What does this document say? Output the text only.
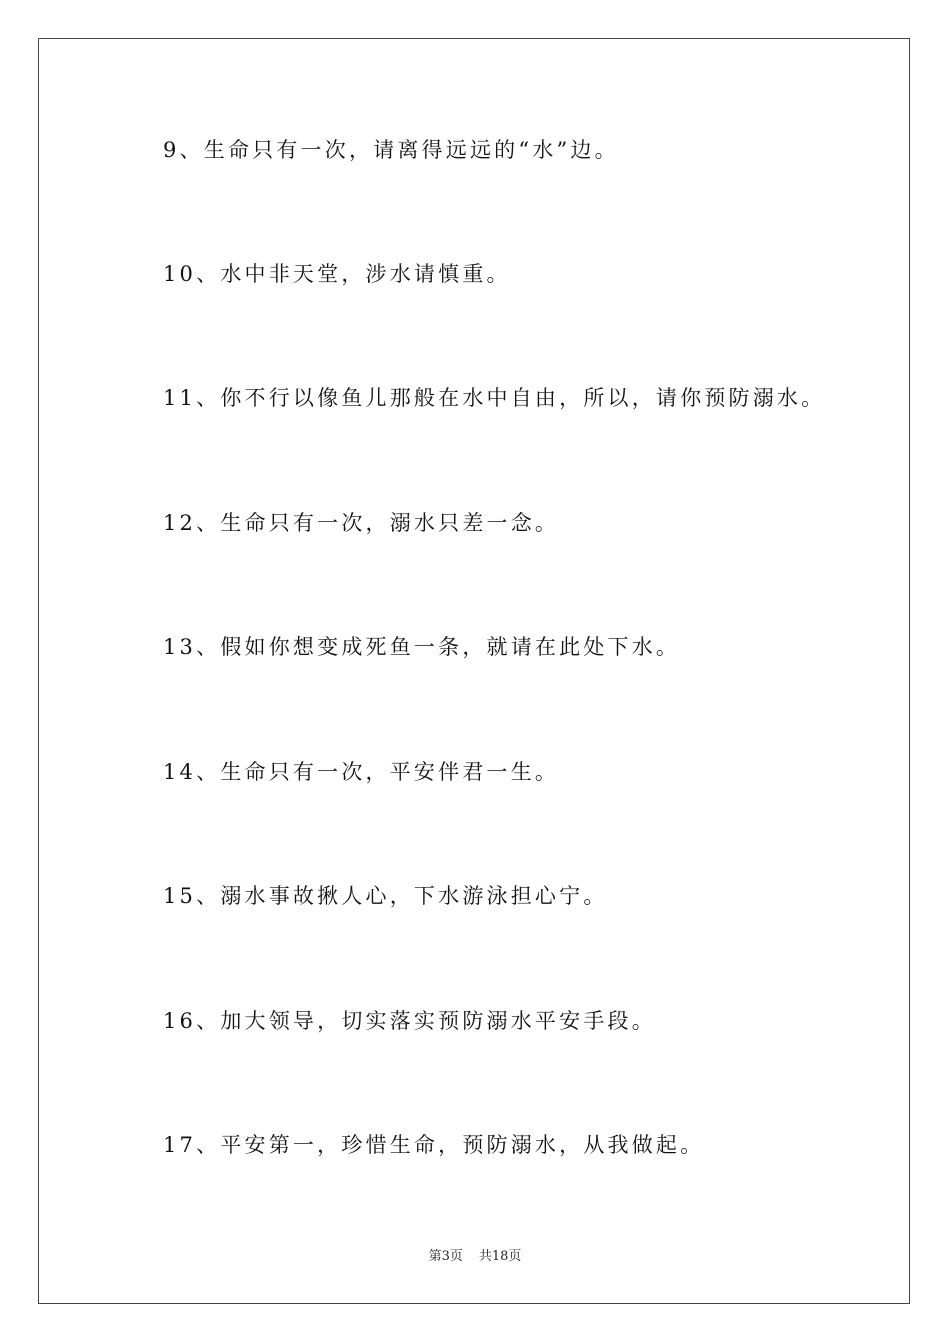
9、生命只有一次，请离得远远的“水”边。
10、水中非天堂，涉水请慎重。
11、你不行以像鱼儿那般在水中自由，所以，请你预防溺水。
12、生命只有一次，溺水只差一念。
13、假如你想变成死鱼一条，就请在此处下水。
14、生命只有一次，平安伴君一生。
15、溺水事故揪人心，下水游泳担心宁。
16、加大领导，切实落实预防溺水平安手段。
17、平安第一，珍惜生命，预防溺水，从我做起。
第3页 共18页
